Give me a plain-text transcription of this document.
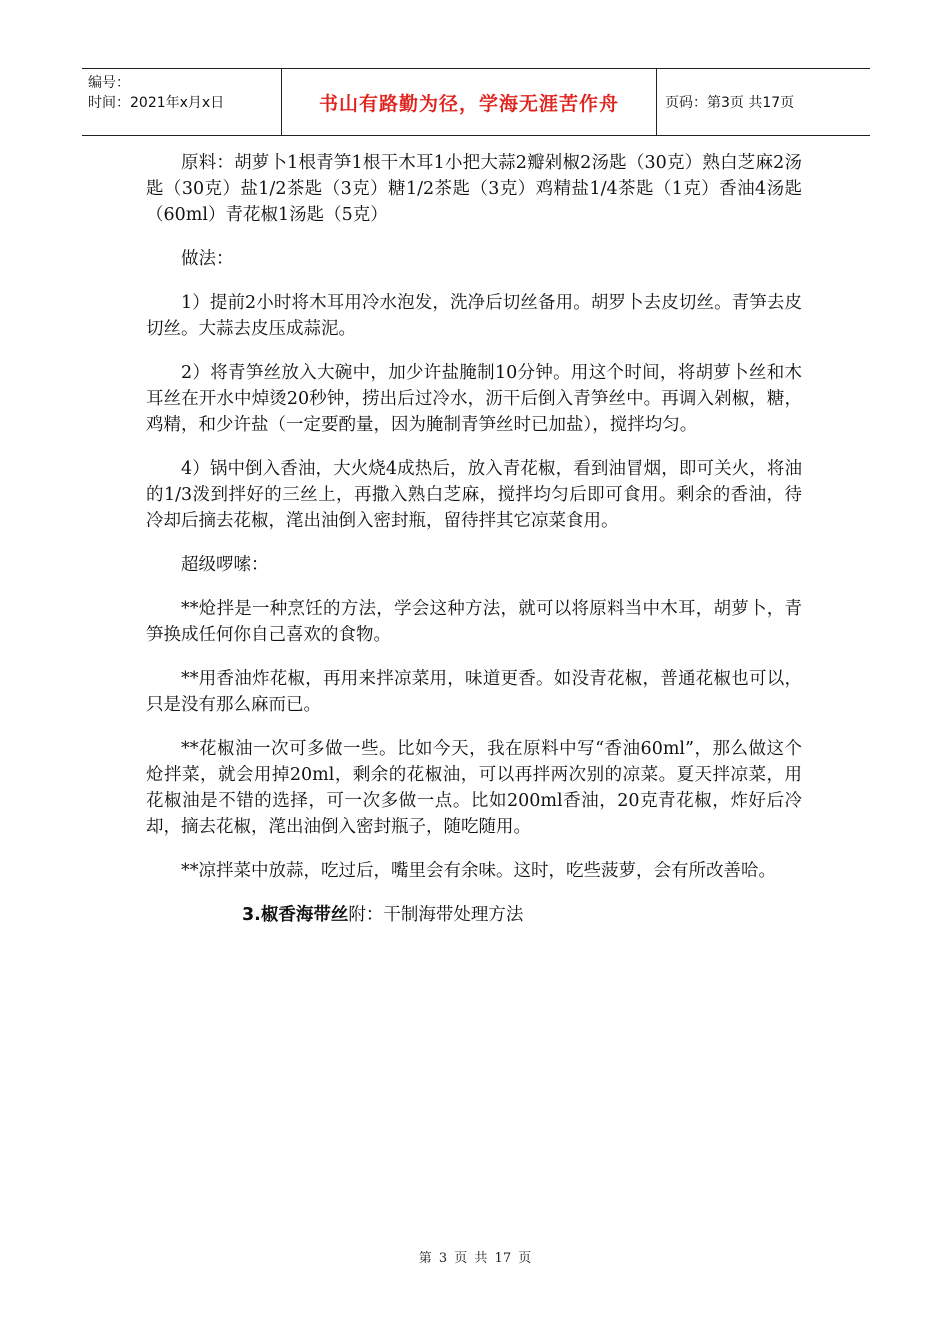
编号：
时间：2021年x月x日	书山有路勤为径，学海无涯苦作舟	页码：第3页 共17页

原料：胡萝卜1根青笋1根干木耳1小把大蒜2瓣剁椒2汤匙（30克）熟白芝麻2汤匙（30克）盐1/2茶匙（3克）糖1/2茶匙（3克）鸡精盐1/4茶匙（1克）香油4汤匙（60ml）青花椒1汤匙（5克）

做法：

1）提前2小时将木耳用冷水泡发，洗净后切丝备用。胡罗卜去皮切丝。青笋去皮切丝。大蒜去皮压成蒜泥。

2）将青笋丝放入大碗中，加少许盐腌制10分钟。用这个时间，将胡萝卜丝和木耳丝在开水中焯烫20秒钟，捞出后过冷水，沥干后倒入青笋丝中。再调入剁椒，糖，鸡精，和少许盐（一定要酌量，因为腌制青笋丝时已加盐），搅拌均匀。

4）锅中倒入香油，大火烧4成热后，放入青花椒，看到油冒烟，即可关火，将油的1/3泼到拌好的三丝上，再撒入熟白芝麻，搅拌均匀后即可食用。剩余的香油，待冷却后摘去花椒，滗出油倒入密封瓶，留待拌其它凉菜食用。

超级啰嗦：

**炝拌是一种烹饪的方法，学会这种方法，就可以将原料当中木耳，胡萝卜，青笋换成任何你自己喜欢的食物。

**用香油炸花椒，再用来拌凉菜用，味道更香。如没青花椒，普通花椒也可以，只是没有那么麻而已。

**花椒油一次可多做一些。比如今天，我在原料中写“香油60ml”，那么做这个炝拌菜，就会用掉20ml，剩余的花椒油，可以再拌两次别的凉菜。夏天拌凉菜，用花椒油是不错的选择，可一次多做一点。比如200ml香油，20克青花椒，炸好后冷却，摘去花椒，滗出油倒入密封瓶子，随吃随用。

**凉拌菜中放蒜，吃过后，嘴里会有余味。这时，吃些菠萝，会有所改善哈。

3.椒香海带丝附：干制海带处理方法

第 3 页 共 17 页
